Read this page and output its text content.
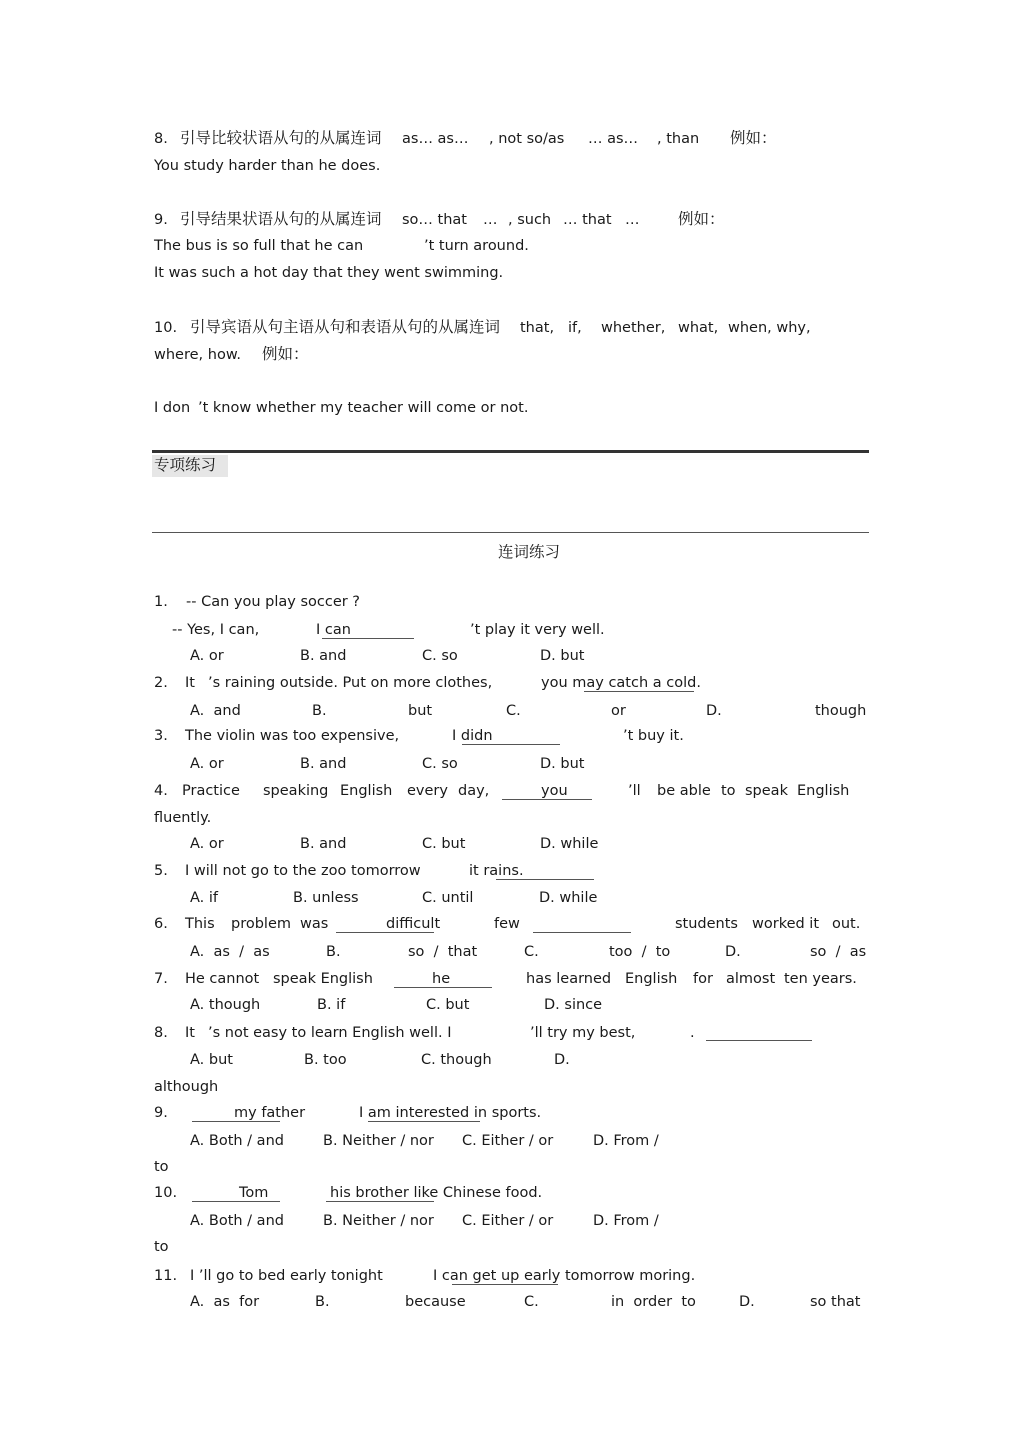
8. 引导比较状语从句的从属连词 as… as… , not so/as … as… , than 例如：
You study harder than he does.
9. 引导结果状语从句的从属连词 so… that … , such … that … 例如：
The bus is so full that he can	’t turn around.
It was such a hot day that they went swimming.
10. 引导宾语从句主语从句和表语从句的从属连词 that, if, whether, what, when, why,
where, how. 例如：
I don ’t know whether my teacher will come or not.
专项练习
连词练习
1. -- Can you play soccer ?
-- Yes, I can,	I can	’t play it very well.
A. or	B. and	C. so	D. but
2. It ’s raining outside. Put on more clothes,	you may catch a cold.
A.  and	B.	but	C.	or	D.	though
3. The violin was too expensive,	I didn	’t buy it.
A. or	B. and	C. so	D. but
4. Practice speaking English every day,	you	’ll be able to speak English
fluently.
A. or	B. and	C. but	D. while
5. I will not go to the zoo tomorrow	it rains.
A. if	B. unless	C. until	D. while
6. This problem was	difficult	few	students worked it out.
A.  as  /  as	B.	so  /  that	C.	too  /  to	D.	so  /  as
7. He cannot speak English	he	has learned English for almost ten years.
A. though	B. if	C. but	D. since
8. It ’s not easy to learn English well. I	’ll try my best,	.
A. but	B. too	C. though	D.
although
9.	my father	I am interested in sports.
A. Both / and	B. Neither / nor C. Either / or	D. From /
to
10.	Tom	his brother like Chinese food.
A. Both / and	B. Neither / nor C. Either / or	D. From /
to
11. I ’ll go to bed early tonight	I can get up early tomorrow moring.
A.  as  for	B.	because	C.	in  order  to	D.	so that
